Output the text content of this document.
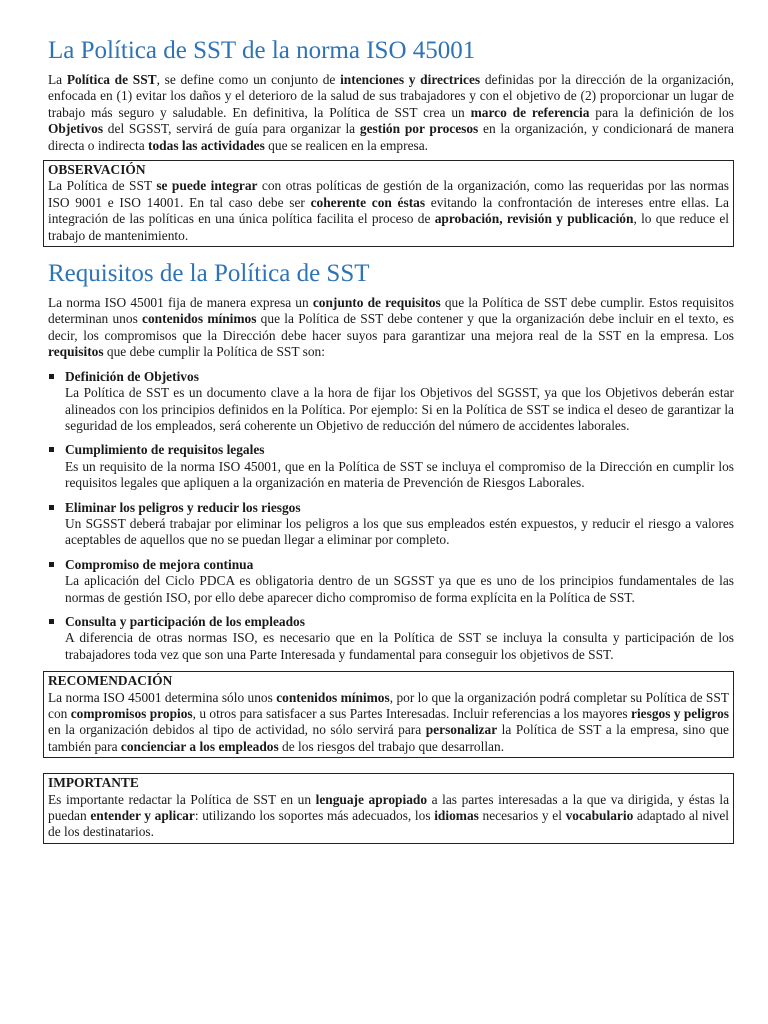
La Política de SST de la norma ISO 45001

La Política de SST, se define como un conjunto de intenciones y directrices definidas por la dirección de la organización, enfocada en (1) evitar los daños y el deterioro de la salud de sus trabajadores y con el objetivo de (2) proporcionar un lugar de trabajo más seguro y saludable. En definitiva, la Política de SST crea un marco de referencia para la definición de los Objetivos del SGSST, servirá de guía para organizar la gestión por procesos en la organización, y condicionará de manera directa o indirecta todas las actividades que se realicen en la empresa.

OBSERVACIÓN

La Política de SST se puede integrar con otras políticas de gestión de la organización, como las requeridas por las normas ISO 9001 e ISO 14001. En tal caso debe ser coherente con éstas evitando la confrontación de intereses entre ellas. La integración de las políticas en una única política facilita el proceso de aprobación, revisión y publicación, lo que reduce el trabajo de mantenimiento.

Requisitos de la Política de SST

La norma ISO 45001 fija de manera expresa un conjunto de requisitos que la Política de SST debe cumplir. Estos requisitos determinan unos contenidos mínimos que la Política de SST debe contener y que la organización debe incluir en el texto, es decir, los compromisos que la Dirección debe hacer suyos para garantizar una mejora real de la SST en la empresa. Los requisitos que debe cumplir la Política de SST son:

Definición de Objetivos

La Política de SST es un documento clave a la hora de fijar los Objetivos del SGSST, ya que los Objetivos deberán estar alineados con los principios definidos en la Política. Por ejemplo: Si en la Política de SST se indica el deseo de garantizar la seguridad de los empleados, será coherente un Objetivo de reducción del número de accidentes laborales.

Cumplimiento de requisitos legales

Es un requisito de la norma ISO 45001, que en la Política de SST se incluya el compromiso de la Dirección en cumplir los requisitos legales que apliquen a la organización en materia de Prevención de Riesgos Laborales.

Eliminar los peligros y reducir los riesgos

Un SGSST deberá trabajar por eliminar los peligros a los que sus empleados estén expuestos, y reducir el riesgo a valores aceptables de aquellos que no se puedan llegar a eliminar por completo.

Compromiso de mejora continua

La aplicación del Ciclo PDCA es obligatoria dentro de un SGSST ya que es uno de los principios fundamentales de las normas de gestión ISO, por ello debe aparecer dicho compromiso de forma explícita en la Política de SST.

Consulta y participación de los empleados

A diferencia de otras normas ISO, es necesario que en la Política de SST se incluya la consulta y participación de los trabajadores toda vez que son una Parte Interesada y fundamental para conseguir los objetivos de SST.

RECOMENDACIÓN

La norma ISO 45001 determina sólo unos contenidos mínimos, por lo que la organización podrá completar su Política de SST con compromisos propios, u otros para satisfacer a sus Partes Interesadas. Incluir referencias a los mayores riesgos y peligros en la organización debidos al tipo de actividad, no sólo servirá para personalizar la Política de SST a la empresa, sino que también para concienciar a los empleados de los riesgos del trabajo que desarrollan.

IMPORTANTE

Es importante redactar la Política de SST en un lenguaje apropiado a las partes interesadas a la que va dirigida, y éstas la puedan entender y aplicar: utilizando los soportes más adecuados, los idiomas necesarios y el vocabulario adaptado al nivel de los destinatarios.
